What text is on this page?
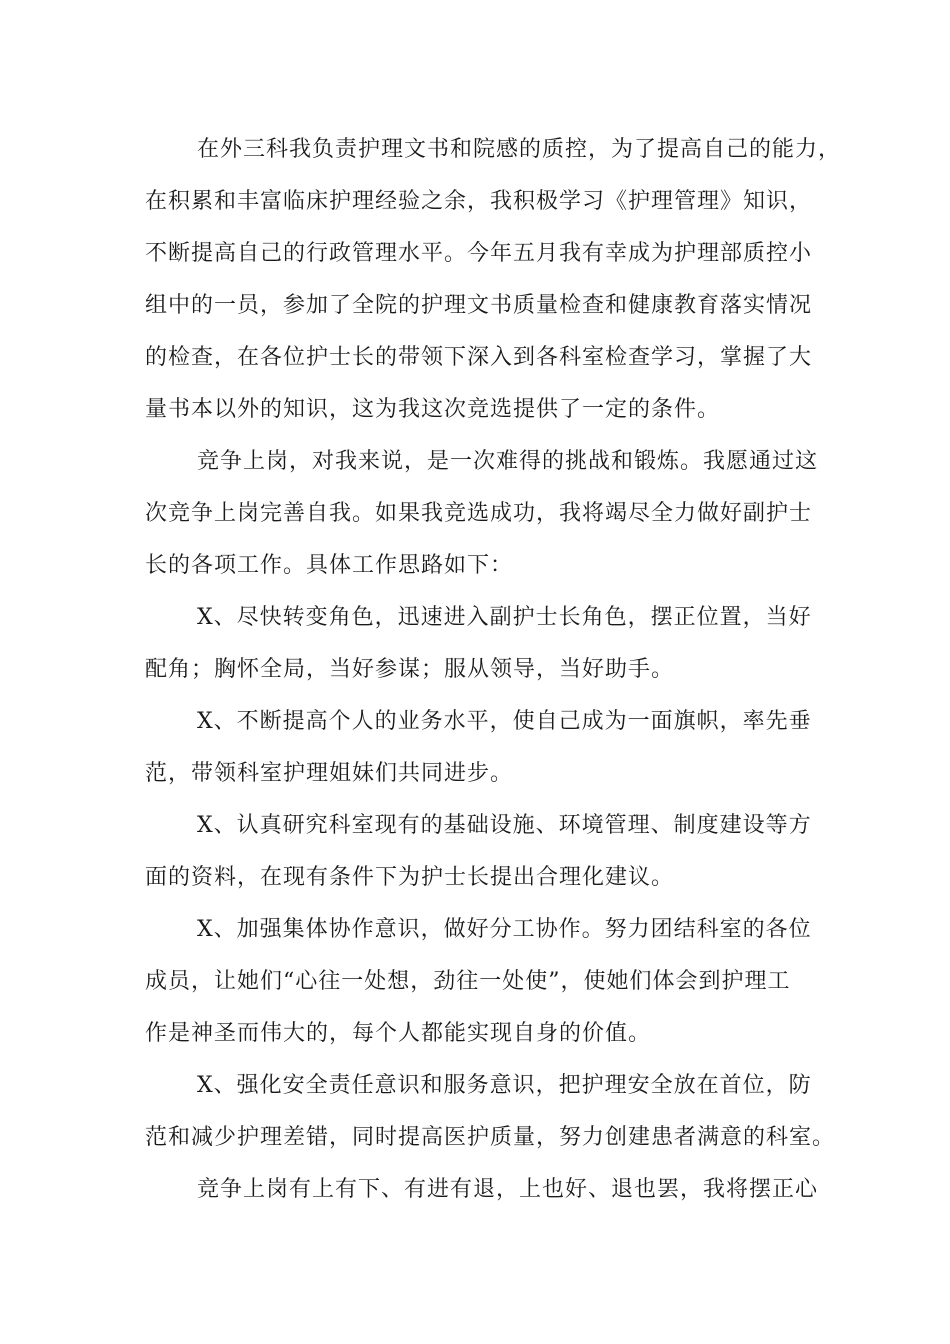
在外三科我负责护理文书和院感的质控，为了提高自己的能力，
在积累和丰富临床护理经验之余，我积极学习《护理管理》知识，
不断提高自己的行政管理水平。今年五月我有幸成为护理部质控小
组中的一员，参加了全院的护理文书质量检查和健康教育落实情况
的检查，在各位护士长的带领下深入到各科室检查学习，掌握了大
量书本以外的知识，这为我这次竞选提供了一定的条件。
竞争上岗，对我来说，是一次难得的挑战和锻炼。我愿通过这
次竞争上岗完善自我。如果我竞选成功，我将竭尽全力做好副护士
长的各项工作。具体工作思路如下：
X、尽快转变角色，迅速进入副护士长角色，摆正位置，当好
配角；胸怀全局，当好参谋；服从领导，当好助手。
X、不断提高个人的业务水平，使自己成为一面旗帜，率先垂
范，带领科室护理姐妹们共同进步。
X、认真研究科室现有的基础设施、环境管理、制度建设等方
面的资料，在现有条件下为护士长提出合理化建议。
X、加强集体协作意识，做好分工协作。努力团结科室的各位
成员，让她们“心往一处想，劲往一处使”，使她们体会到护理工
作是神圣而伟大的，每个人都能实现自身的价值。
X、强化安全责任意识和服务意识，把护理安全放在首位，防
范和减少护理差错，同时提高医护质量，努力创建患者满意的科室。
竞争上岗有上有下、有进有退，上也好、退也罢，我将摆正心
